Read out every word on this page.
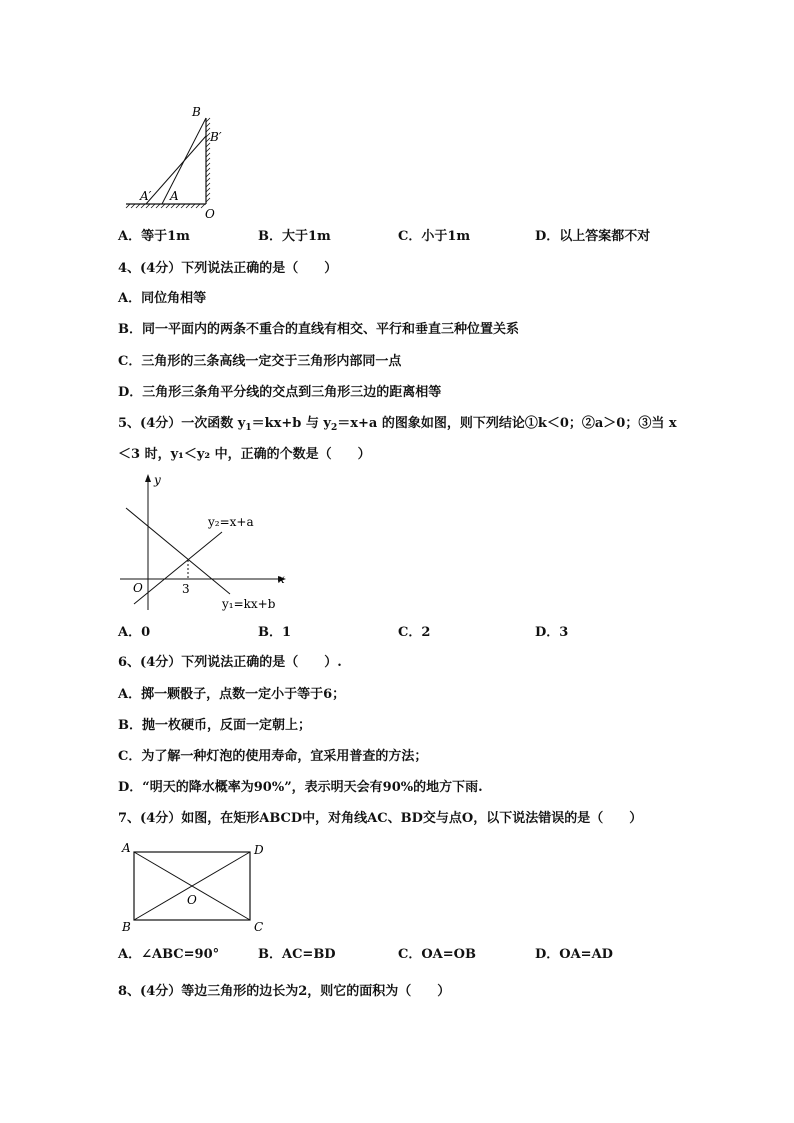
B
B′
A′ A
O
A．等于1m	B．大于1m	C．小于1m	D．以上答案都不对
4、(4分）下列说法正确的是（　　）
A．同位角相等
B．同一平面内的两条不重合的直线有相交、平行和垂直三种位置关系
C．三角形的三条高线一定交于三角形内部同一点
D．三角形三条角平分线的交点到三角形三边的距离相等
5、(4分）一次函数 $y_1=kx+b$ 与 $y_2=x+a$ 的图象如图，则下列结论①k＜0；②a＞0；③当 x
＜3 时，y₁＜y₂ 中，正确的个数是（　　）
y
x
O	3
y₂=x+a
y₁=kx+b
A．0	B．1	C．2	D．3
6、(4分）下列说法正确的是（　　）.
A．掷一颗骰子，点数一定小于等于6；
B．抛一枚硬币，反面一定朝上；
C．为了解一种灯泡的使用寿命，宜采用普查的方法；
D．“明天的降水概率为90%”，表示明天会有90%的地方下雨.
7、(4分）如图，在矩形ABCD中，对角线AC、BD交与点O，以下说法错误的是（　　）
A	D
B	C
O
A．∠ABC=90°	B．AC=BD	C．OA=OB	D．OA=AD
8、(4分）等边三角形的边长为2，则它的面积为（　　）
